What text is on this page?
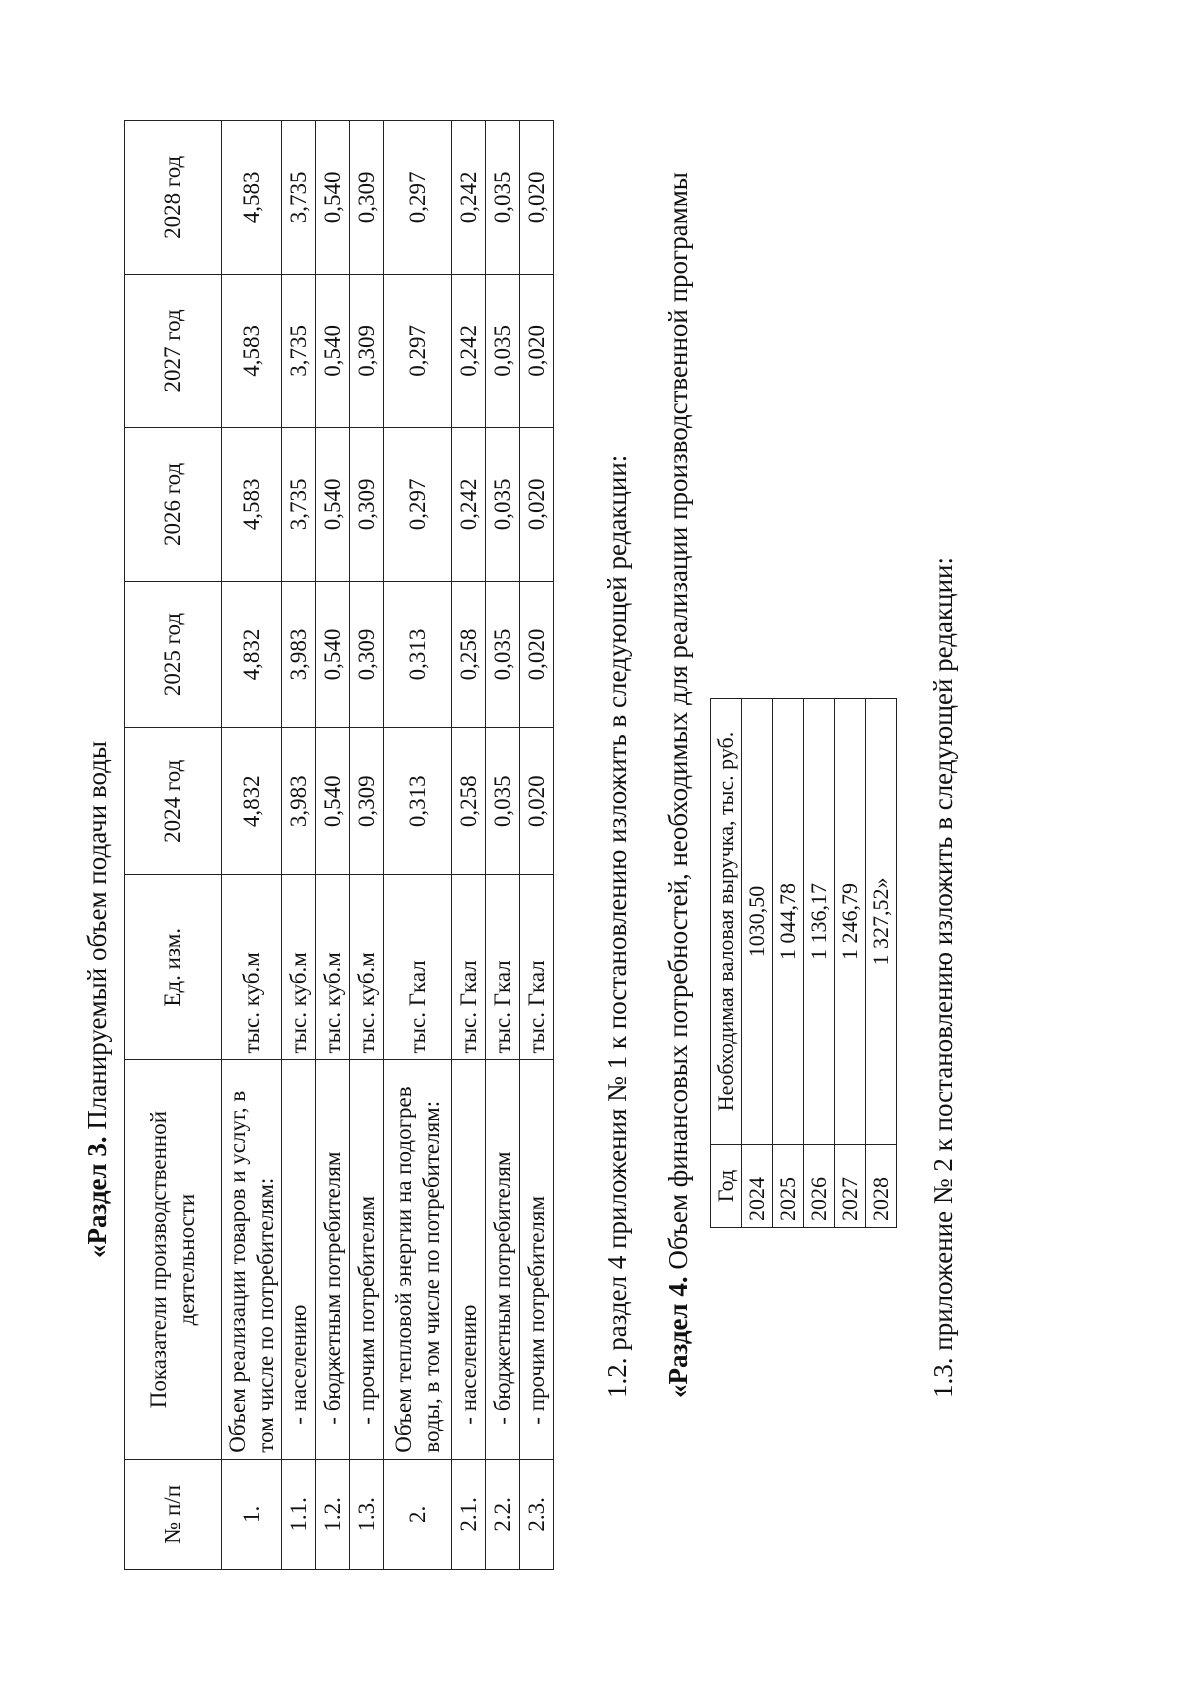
«Раздел 3. Планируемый объем подачи воды
№ п/п	Показатели производственной деятельности	Ед. изм.	2024 год	2025 год	2026 год	2027 год	2028 год
1.	Объем реализации товаров и услуг, в том числе по потребителям:	тыс. куб.м	4,832	4,832	4,583	4,583	4,583
1.1.	- населению	тыс. куб.м	3,983	3,983	3,735	3,735	3,735
1.2.	- бюджетным потребителям	тыс. куб.м	0,540	0,540	0,540	0,540	0,540
1.3.	- прочим потребителям	тыс. куб.м	0,309	0,309	0,309	0,309	0,309
2.	Объем тепловой энергии на подогрев воды, в том числе по потребителям:	тыс. Гкал	0,313	0,313	0,297	0,297	0,297
2.1.	- населению	тыс. Гкал	0,258	0,258	0,242	0,242	0,242
2.2.	- бюджетным потребителям	тыс. Гкал	0,035	0,035	0,035	0,035	0,035
2.3.	- прочим потребителям	тыс. Гкал	0,020	0,020	0,020	0,020	0,020
1.2. раздел 4 приложения № 1 к постановлению изложить в следующей редакции: «Раздел 4. Объем финансовых потребностей, необходимых для реализации производственной программы Год	Необходимая валовая выручка, тыс. руб.
2024	1030,50
2025	1 044,78
2026	1 136,17
2027	1 246,79
2028	1 327,52» 1.3. приложение № 2 к постановлению изложить в следующей редакции:
